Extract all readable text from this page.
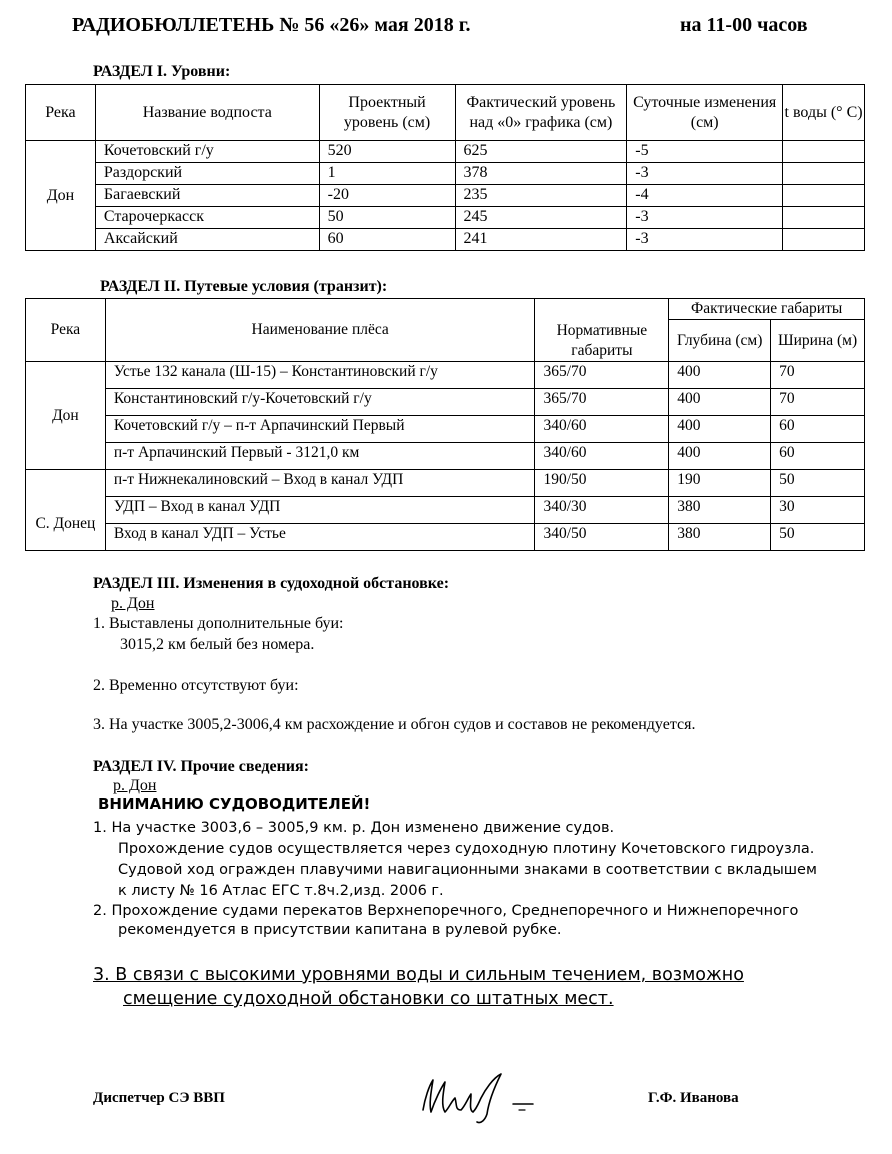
РАДИОБЮЛЛЕТЕНЬ № 56 «26» мая 2018 г.	на 11-00 часов
РАЗДЕЛ I. Уровни:
Река	Название водпоста	Проектный уровень (см)	Фактический уровень над «0» графика (см)	Суточные изменения (см)	t воды (° С)
Дон	Кочетовский г/у	520	625	-5	
	Раздорский	1	378	-3	
	Багаевский	-20	235	-4	
	Старочеркасск	50	245	-3	
	Аксайский	60	241	-3	
РАЗДЕЛ II. Путевые условия (транзит):
Река	Наименование плёса	Нормативные габариты	Фактические габариты	
			Глубина (см)	Ширина (м)
Дон	Устье 132 канала (Ш-15) – Константиновский г/у	365/70	400	70
	Константиновский г/у-Кочетовский г/у	365/70	400	70
	Кочетовский г/у – п-т Арпачинский Первый	340/60	400	60
	п-т Арпачинский Первый - 3121,0 км	340/60	400	60
С. Донец	п-т Нижнекалиновский – Вход в канал УДП	190/50	190	50
	УДП – Вход в канал УДП	340/30	380	30
	Вход в канал УДП – Устье	340/50	380	50
РАЗДЕЛ III. Изменения в судоходной обстановке:
р. Дон
1. Выставлены дополнительные буи:
3015,2 км белый без номера.
2. Временно отсутствуют буи:
3. На участке 3005,2-3006,4 км расхождение и обгон судов и составов не рекомендуется.
РАЗДЕЛ IV. Прочие сведения:
р. Дон
ВНИМАНИЮ СУДОВОДИТЕЛЕЙ!
1. На участке 3003,6 – 3005,9 км. р. Дон изменено движение судов.
Прохождение судов осуществляется через судоходную плотину Кочетовского гидроузла.
Судовой ход огражден плавучими навигационными знаками в соответствии с вкладышем
к листу № 16 Атлас ЕГС т.8ч.2,изд. 2006 г.
2. Прохождение судами перекатов Верхнепоречного, Среднепоречного и Нижнепоречного
рекомендуется в присутствии капитана в рулевой рубке.
3. В связи с высокими уровнями воды и сильным течением, возможно
смещение судоходной обстановки со штатных мест.
Диспетчер СЭ ВВП	Г.Ф. Иванова
